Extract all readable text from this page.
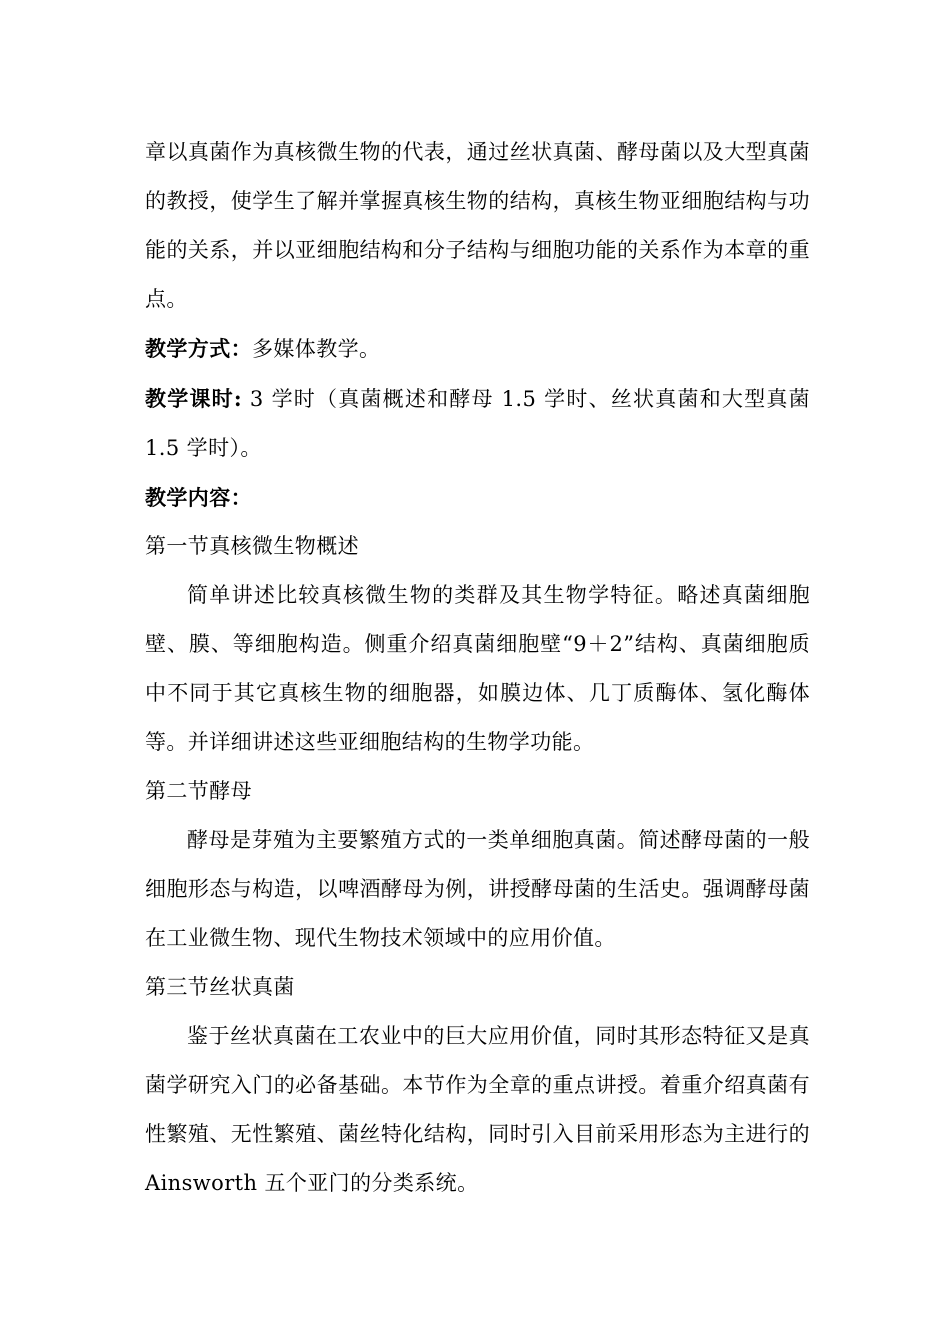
章以真菌作为真核微生物的代表，通过丝状真菌、酵母菌以及大型真菌的教授，使学生了解并掌握真核生物的结构，真核生物亚细胞结构与功能的关系，并以亚细胞结构和分子结构与细胞功能的关系作为本章的重点。

教学方式：多媒体教学。

教学课时: 3 学时（真菌概述和酵母 1.5 学时、丝状真菌和大型真菌 1.5 学时）。

教学内容：

第一节真核微生物概述

简单讲述比较真核微生物的类群及其生物学特征。略述真菌细胞壁、膜、等细胞构造。侧重介绍真菌细胞壁“9＋2”结构、真菌细胞质中不同于其它真核生物的细胞器，如膜边体、几丁质酶体、氢化酶体等。并详细讲述这些亚细胞结构的生物学功能。

第二节酵母

酵母是芽殖为主要繁殖方式的一类单细胞真菌。简述酵母菌的一般细胞形态与构造，以啤酒酵母为例，讲授酵母菌的生活史。强调酵母菌在工业微生物、现代生物技术领域中的应用价值。

第三节丝状真菌

鉴于丝状真菌在工农业中的巨大应用价值，同时其形态特征又是真菌学研究入门的必备基础。本节作为全章的重点讲授。着重介绍真菌有性繁殖、无性繁殖、菌丝特化结构，同时引入目前采用形态为主进行的Ainsworth 五个亚门的分类系统。
